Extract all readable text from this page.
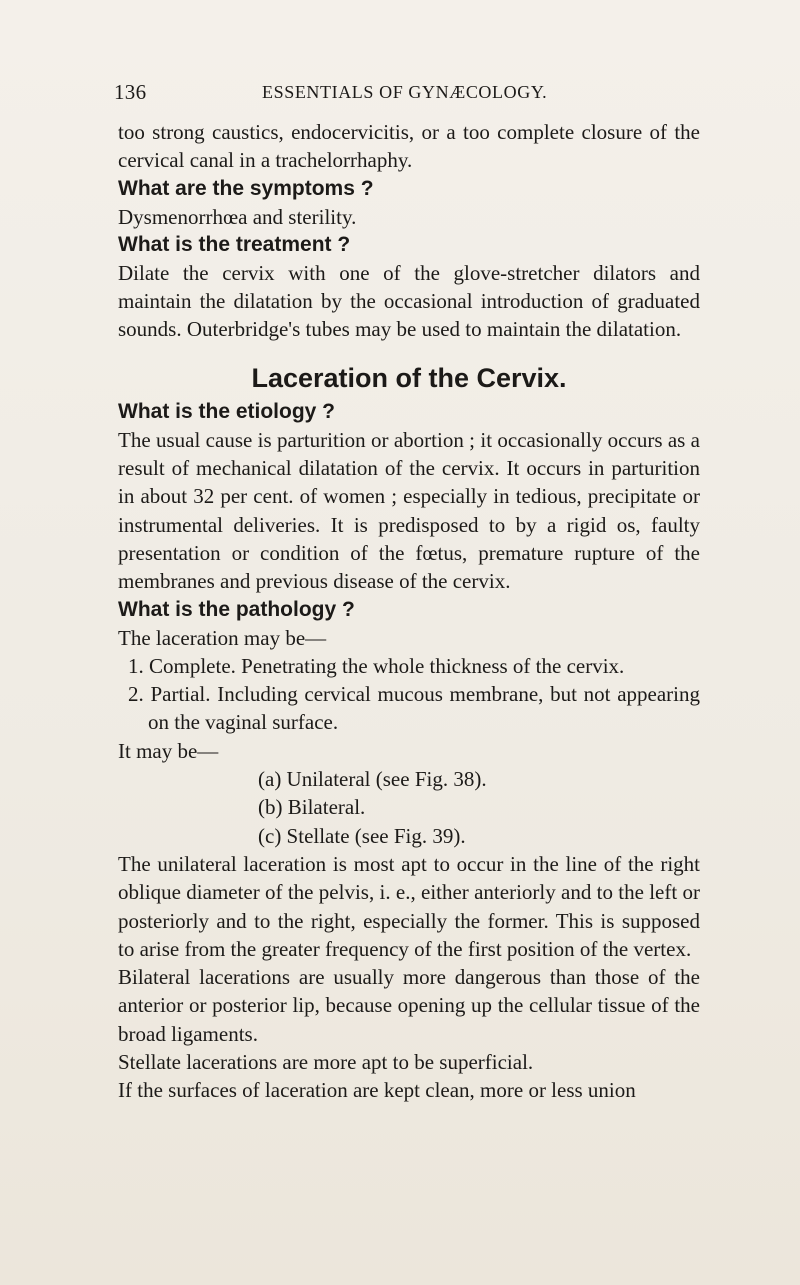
136	ESSENTIALS OF GYNÆCOLOGY.

too strong caustics, endocervicitis, or a too complete closure of the cervical canal in a trachelorrhaphy.

What are the symptoms ?

Dysmenorrhœa and sterility.

What is the treatment ?

Dilate the cervix with one of the glove-stretcher dilators and maintain the dilatation by the occasional introduction of graduated sounds. Outerbridge's tubes may be used to maintain the dilatation.

Laceration of the Cervix.

What is the etiology ?

The usual cause is parturition or abortion ; it occasionally occurs as a result of mechanical dilatation of the cervix. It occurs in parturition in about 32 per cent. of women ; especially in tedious, precipitate or instrumental deliveries. It is predisposed to by a rigid os, faulty presentation or condition of the fœtus, premature rupture of the membranes and previous disease of the cervix.

What is the pathology ?

The laceration may be—

1. Complete. Penetrating the whole thickness of the cervix.

2. Partial. Including cervical mucous membrane, but not appearing on the vaginal surface.

It may be—

(a) Unilateral (see Fig. 38).

(b) Bilateral.

(c) Stellate (see Fig. 39).

The unilateral laceration is most apt to occur in the line of the right oblique diameter of the pelvis, i. e., either anteriorly and to the left or posteriorly and to the right, especially the former. This is supposed to arise from the greater frequency of the first position of the vertex.

Bilateral lacerations are usually more dangerous than those of the anterior or posterior lip, because opening up the cellular tissue of the broad ligaments.

Stellate lacerations are more apt to be superficial.

If the surfaces of laceration are kept clean, more or less union
